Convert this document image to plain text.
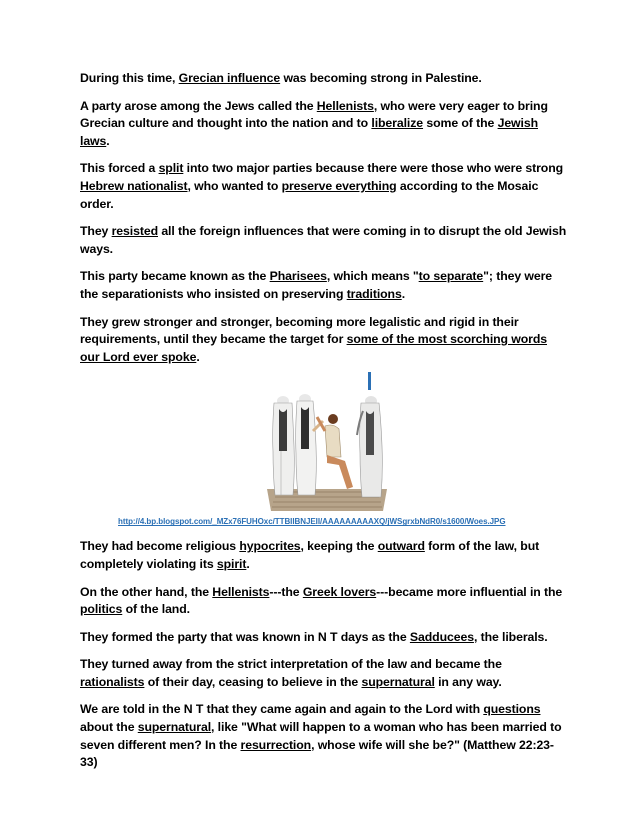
During this time, Grecian influence was becoming strong in Palestine.

A party arose among the Jews called the Hellenists, who were very eager to bring Grecian culture and thought into the nation and to liberalize some of the Jewish laws.

This forced a split into two major parties because there were those who were strong Hebrew nationalist, who wanted to preserve everything according to the Mosaic order.

They resisted all the foreign influences that were coming in to disrupt the old Jewish ways.

This party became known as the Pharisees, which means "to separate"; they were the separationists who insisted on preserving traditions.

They grew stronger and stronger, becoming more legalistic and rigid in their requirements, until they became the target for some of the most scorching words our Lord ever spoke.

http://4.bp.blogspot.com/_MZx76FUHOxc/TTBIIBNJEII/AAAAAAAAAXQ/jWSgrxbNdR0/s1600/Woes.JPG

They had become religious hypocrites, keeping the outward form of the law, but completely violating its spirit.

On the other hand, the Hellenists---the Greek lovers---became more influential in the politics of the land.

They formed the party that was known in N T days as the Sadducees, the liberals.

They turned away from the strict interpretation of the law and became the rationalists of their day, ceasing to believe in the supernatural in any way.

We are told in the N T that they came again and again to the Lord with questions about the supernatural, like "What will happen to a woman who has been married to seven different men? In the resurrection, whose wife will she be?" (Matthew 22:23-33)
